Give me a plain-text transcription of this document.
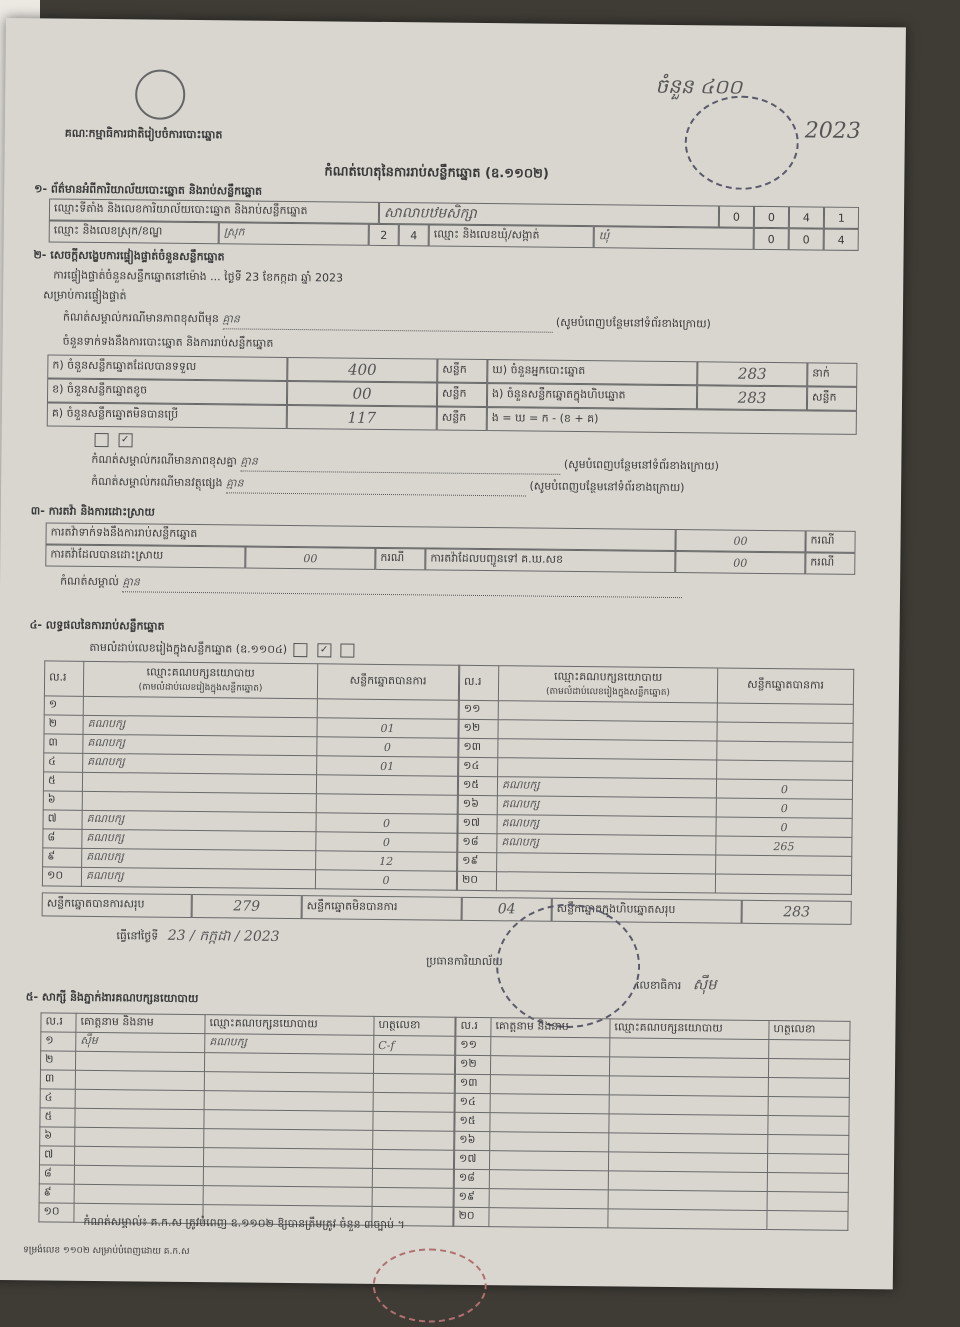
គណៈកម្មាធិការជាតិរៀបចំការបោះឆ្នោត
ចំនួន ៤០០
2023
កំណត់ហេតុនៃការរាប់សន្លឹកឆ្នោត (ឧ.១១០២)
១- ព័ត៌មានអំពីការិយាល័យបោះឆ្នោត និងរាប់សន្លឹកឆ្នោត
ឈ្មោះទីតាំង និងលេខការិយាល័យបោះឆ្នោត និងរាប់សន្លឹកឆ្នោត	សាលាបឋមសិក្សា	0	0	4	1
ឈ្មោះ និងលេខស្រុក/ខណ្ឌ	ស្រុក	2	4	ឈ្មោះ និងលេខឃុំ/សង្កាត់	ឃុំ	0	0	4
២- សេចក្តីសង្ខេបការផ្ទៀងផ្ទាត់ចំនួនសន្លឹកឆ្នោត
ការផ្ទៀងផ្ទាត់ចំនួនសន្លឹកឆ្នោតនៅម៉ោង ... ថ្ងៃទី 23 ខែកក្កដា ឆ្នាំ 2023
សម្រាប់ការផ្ទៀងផ្ទាត់
កំណត់សម្គាល់ករណីមានភាពខុសពីមុន គ្មាន	(សូមបំពេញបន្ថែមនៅទំព័រខាងក្រោយ)
ចំនួនទាក់ទងនឹងការបោះឆ្នោត និងការរាប់សន្លឹកឆ្នោត
ក) ចំនួនសន្លឹកឆ្នោតដែលបានទទួល	400	សន្លឹក	ឃ) ចំនួនអ្នកបោះឆ្នោត	283	នាក់
ខ) ចំនួនសន្លឹកឆ្នោតខូច	00	សន្លឹក	ង) ចំនួនសន្លឹកឆ្នោតក្នុងហិបឆ្នោត	283	សន្លឹក
គ) ចំនួនសន្លឹកឆ្នោតមិនបានប្រើ	117	សន្លឹក	ង = ឃ = ក - (ខ + គ)
✓
កំណត់សម្គាល់ករណីមានភាពខុសគ្នា គ្មាន	(សូមបំពេញបន្ថែមនៅទំព័រខាងក្រោយ)
កំណត់សម្គាល់ករណីមានវត្ថុផ្សេង គ្មាន	(សូមបំពេញបន្ថែមនៅទំព័រខាងក្រោយ)
៣- ការតវ៉ា និងការដោះស្រាយ
ការតវ៉ាទាក់ទងនឹងការរាប់សន្លឹកឆ្នោត
00	ករណី
ការតវ៉ាដែលបានដោះស្រាយ	00	ករណី	ការតវ៉ាដែលបញ្ជូនទៅ គ.ឃ.សខ	00	ករណី
កំណត់សម្គាល់ គ្មាន
៤- លទ្ធផលនៃការរាប់សន្លឹកឆ្នោត
តាមលំដាប់លេខរៀងក្នុងសន្លឹកឆ្នោត (ឧ.១១០៤)	✓
ល.រ	ឈ្មោះគណបក្សនយោបាយ
(តាមលំដាប់លេខរៀងក្នុងសន្លឹកឆ្នោត)	សន្លឹកឆ្នោតបានការ
១		
២	គណបក្ស	01
៣	គណបក្ស	0
៤	គណបក្ស	01
៥		
៦		
៧	គណបក្ស	0
៨	គណបក្ស	0
៩	គណបក្ស	12
១០	គណបក្ស	0
ល.រ	ឈ្មោះគណបក្សនយោបាយ
(តាមលំដាប់លេខរៀងក្នុងសន្លឹកឆ្នោត)	សន្លឹកឆ្នោតបានការ
១១		
១២		
១៣		
១៤		
១៥	គណបក្ស	0
១៦	គណបក្ស	0
១៧	គណបក្ស	0
១៨	គណបក្ស	265
១៩		
២០		
សន្លឹកឆ្នោតបានការសរុប	279	សន្លឹកឆ្នោតមិនបានការ	04	សន្លឹកឆ្នោតក្នុងហិបឆ្នោតសរុប	283
ធ្វើនៅថ្ងៃទី 23 / កក្កដា / 2023
ប្រធានការិយាល័យ
លេខាធិការ ស៊ឹម
៥- សាក្សី និងភ្នាក់ងារគណបក្សនយោបាយ
ល.រ	គោត្តនាម និងនាម	ឈ្មោះគណបក្សនយោបាយ	ហត្ថលេខា
១	ស៊ឹម	គណបក្ស	C-f
២			
៣			
៤			
៥			
៦			
៧			
៨			
៩			
១០			
ល.រ	គោត្តនាម និងនាម	ឈ្មោះគណបក្សនយោបាយ	ហត្ថលេខា
១១			
១២			
១៣			
១៤			
១៥			
១៦			
១៧			
១៨			
១៩			
២០			
កំណត់សម្គាល់៖ គ.ក.ស ត្រូវបំពេញ ឧ.១១០២ ឱ្យបានត្រឹមត្រូវ ចំនួន ៣ច្បាប់ ។
ទម្រង់លេខ ១១០២ សម្រាប់បំពេញដោយ គ.ក.ស
